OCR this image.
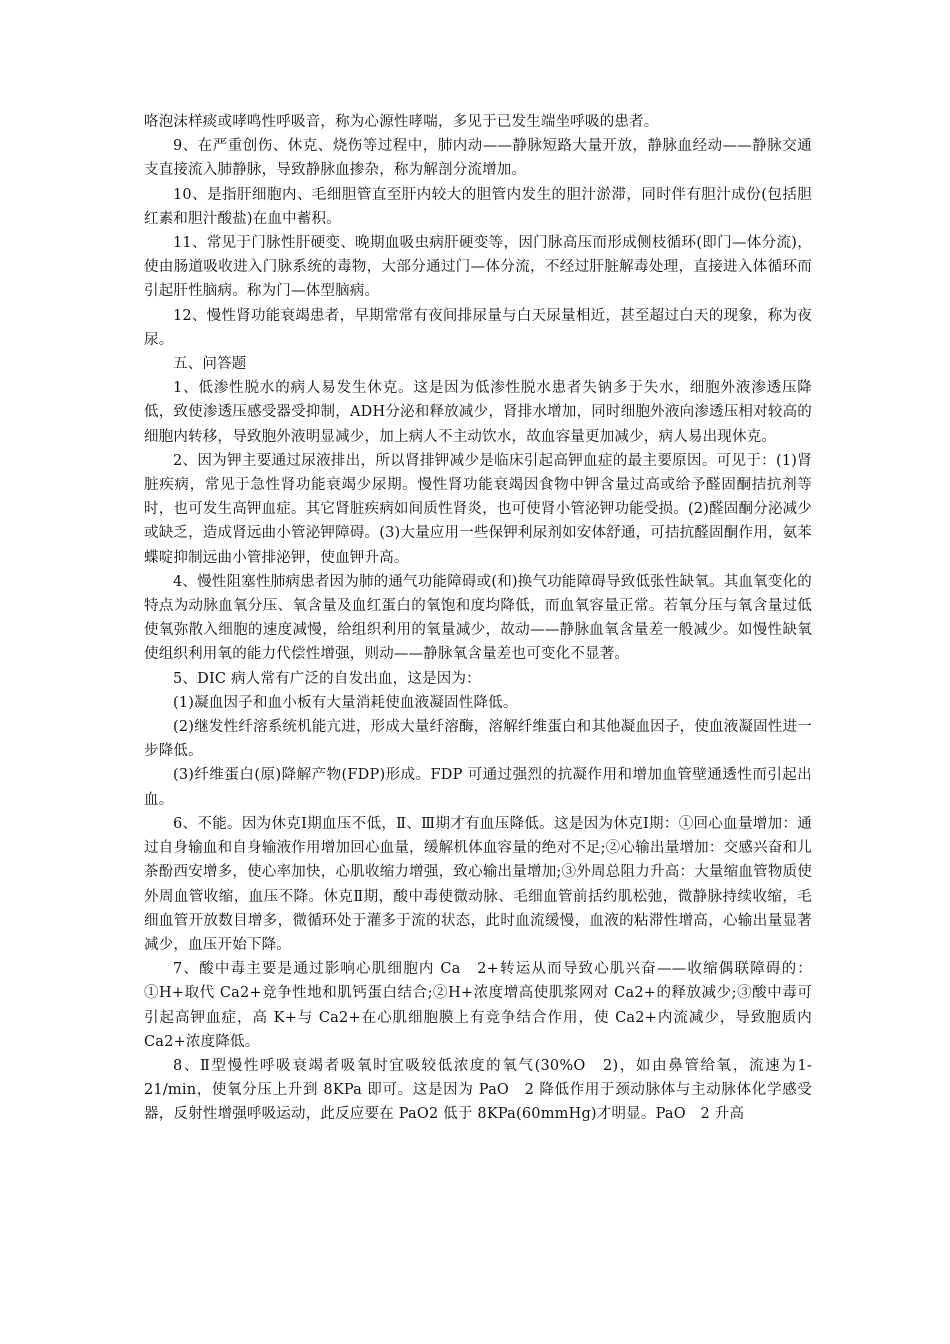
咯泡沫样痰或哮鸣性呼吸音，称为心源性哮喘，多见于已发生端坐呼吸的患者。

9、在严重创伤、休克、烧伤等过程中，肺内动——静脉短路大量开放，静脉血经动——静脉交通支直接流入肺静脉，导致静脉血掺杂，称为解剖分流增加。

10、是指肝细胞内、毛细胆管直至肝内较大的胆管内发生的胆汁淤滞，同时伴有胆汁成份(包括胆红素和胆汁酸盐)在血中蓄积。

11、常见于门脉性肝硬变、晚期血吸虫病肝硬变等，因门脉高压而形成侧枝循环(即门—体分流)，使由肠道吸收进入门脉系统的毒物，大部分通过门—体分流，不经过肝脏解毒处理，直接进入体循环而引起肝性脑病。称为门—体型脑病。

12、慢性肾功能衰竭患者，早期常常有夜间排尿量与白天尿量相近，甚至超过白天的现象，称为夜尿。

五、问答题

1、低渗性脱水的病人易发生休克。这是因为低渗性脱水患者失钠多于失水，细胞外液渗透压降低，致使渗透压感受器受抑制，ADH分泌和释放减少，肾排水增加，同时细胞外液向渗透压相对较高的细胞内转移，导致胞外液明显减少，加上病人不主动饮水，故血容量更加减少，病人易出现休克。

2、因为钾主要通过尿液排出，所以肾排钾减少是临床引起高钾血症的最主要原因。可见于：(1)肾脏疾病，常见于急性肾功能衰竭少尿期。慢性肾功能衰竭因食物中钾含量过高或给予醛固酮拮抗剂等时，也可发生高钾血症。其它肾脏疾病如间质性肾炎，也可使肾小管泌钾功能受损。(2)醛固酮分泌减少或缺乏，造成肾远曲小管泌钾障碍。(3)大量应用一些保钾利尿剂如安体舒通，可拮抗醛固酮作用，氨苯蝶啶抑制远曲小管排泌钾，使血钾升高。

4、慢性阻塞性肺病患者因为肺的通气功能障碍或(和)换气功能障碍导致低张性缺氧。其血氧变化的特点为动脉血氧分压、氧含量及血红蛋白的氧饱和度均降低，而血氧容量正常。若氧分压与氧含量过低使氧弥散入细胞的速度减慢，给组织利用的氧量减少，故动——静脉血氧含量差一般减少。如慢性缺氧使组织利用氧的能力代偿性增强，则动——静脉氧含量差也可变化不显著。

5、DIC 病人常有广泛的自发出血，这是因为：

(1)凝血因子和血小板有大量消耗使血液凝固性降低。

(2)继发性纤溶系统机能亢进，形成大量纤溶酶，溶解纤维蛋白和其他凝血因子，使血液凝固性进一步降低。

(3)纤维蛋白(原)降解产物(FDP)形成。FDP 可通过强烈的抗凝作用和增加血管壁通透性而引起出血。

6、不能。因为休克Ⅰ期血压不低，Ⅱ、Ⅲ期才有血压降低。这是因为休克Ⅰ期：①回心血量增加：通过自身输血和自身输液作用增加回心血量，缓解机体血容量的绝对不足;②心输出量增加：交感兴奋和儿茶酚西安增多，使心率加快，心肌收缩力增强，致心输出量增加;③外周总阻力升高：大量缩血管物质使外周血管收缩，血压不降。休克Ⅱ期，酸中毒使微动脉、毛细血管前括约肌松弛，微静脉持续收缩，毛细血管开放数目增多，微循环处于灌多于流的状态，此时血流缓慢，血液的粘滞性增高，心输出量显著减少，血压开始下降。

7、酸中毒主要是通过影响心肌细胞内 Ca　2+转运从而导致心肌兴奋——收缩偶联障碍的：①H+取代 Ca2+竞争性地和肌钙蛋白结合;②H+浓度增高使肌浆网对 Ca2+的释放减少;③酸中毒可引起高钾血症，高 K+与 Ca2+在心肌细胞膜上有竞争结合作用，使 Ca2+内流减少，导致胞质内 Ca2+浓度降低。

8、Ⅱ型慢性呼吸衰竭者吸氧时宜吸较低浓度的氧气(30%O　2)，如由鼻管给氧，流速为1-21/min，使氧分压上升到 8KPa 即可。这是因为 PaO　2 降低作用于颈动脉体与主动脉体化学感受器，反射性增强呼吸运动，此反应要在 PaO2 低于 8KPa(60mmHg)才明显。PaO　2 升高
